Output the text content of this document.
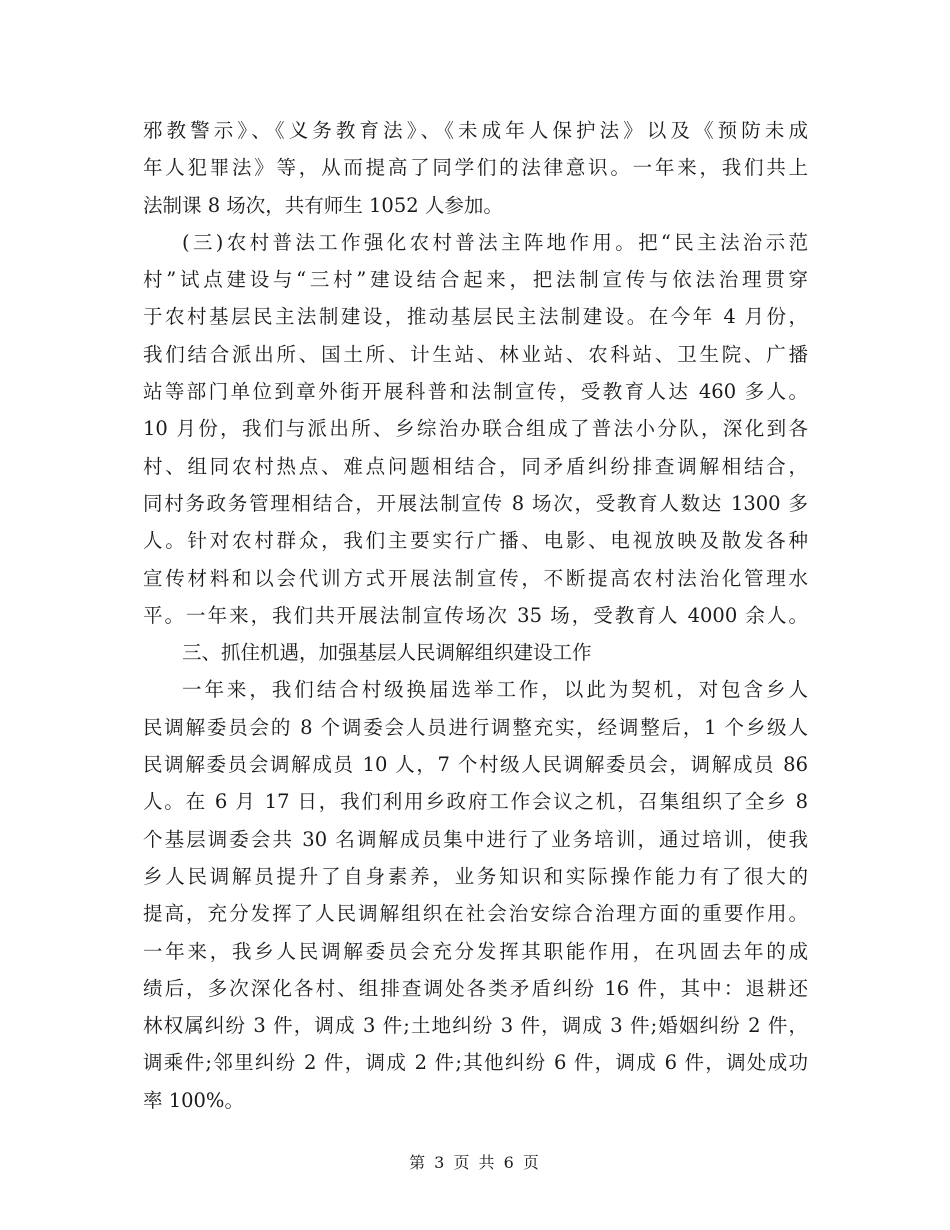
邪教警示》、《义务教育法》、《未成年人保护法》以及《预防未成
年人犯罪法》等，从而提高了同学们的法律意识。一年来，我们共上
法制课 8 场次，共有师生 1052 人参加。
(三)农村普法工作强化农村普法主阵地作用。把“民主法治示范
村”试点建设与“三村”建设结合起来，把法制宣传与依法治理贯穿
于农村基层民主法制建设，推动基层民主法制建设。在今年 4 月份，
我们结合派出所、国土所、计生站、林业站、农科站、卫生院、广播
站等部门单位到章外街开展科普和法制宣传，受教育人达 460 多人。
10 月份，我们与派出所、乡综治办联合组成了普法小分队，深化到各
村、组同农村热点、难点问题相结合，同矛盾纠纷排查调解相结合，
同村务政务管理相结合，开展法制宣传 8 场次，受教育人数达 1300 多
人。针对农村群众，我们主要实行广播、电影、电视放映及散发各种
宣传材料和以会代训方式开展法制宣传，不断提高农村法治化管理水
平。一年来，我们共开展法制宣传场次 35 场，受教育人 4000 余人。
三、抓住机遇，加强基层人民调解组织建设工作
一年来，我们结合村级换届选举工作，以此为契机，对包含乡人
民调解委员会的 8 个调委会人员进行调整充实，经调整后，1 个乡级人
民调解委员会调解成员 10 人，7 个村级人民调解委员会，调解成员 86
人。在 6 月 17 日，我们利用乡政府工作会议之机，召集组织了全乡 8
个基层调委会共 30 名调解成员集中进行了业务培训，通过培训，使我
乡人民调解员提升了自身素养，业务知识和实际操作能力有了很大的
提高，充分发挥了人民调解组织在社会治安综合治理方面的重要作用。
一年来，我乡人民调解委员会充分发挥其职能作用，在巩固去年的成
绩后，多次深化各村、组排查调处各类矛盾纠纷 16 件，其中：退耕还
林权属纠纷 3 件，调成 3 件;土地纠纷 3 件，调成 3 件;婚姻纠纷 2 件，
调乘件;邻里纠纷 2 件，调成 2 件;其他纠纷 6 件，调成 6 件，调处成功
率 100%。
第 3 页 共 6 页
